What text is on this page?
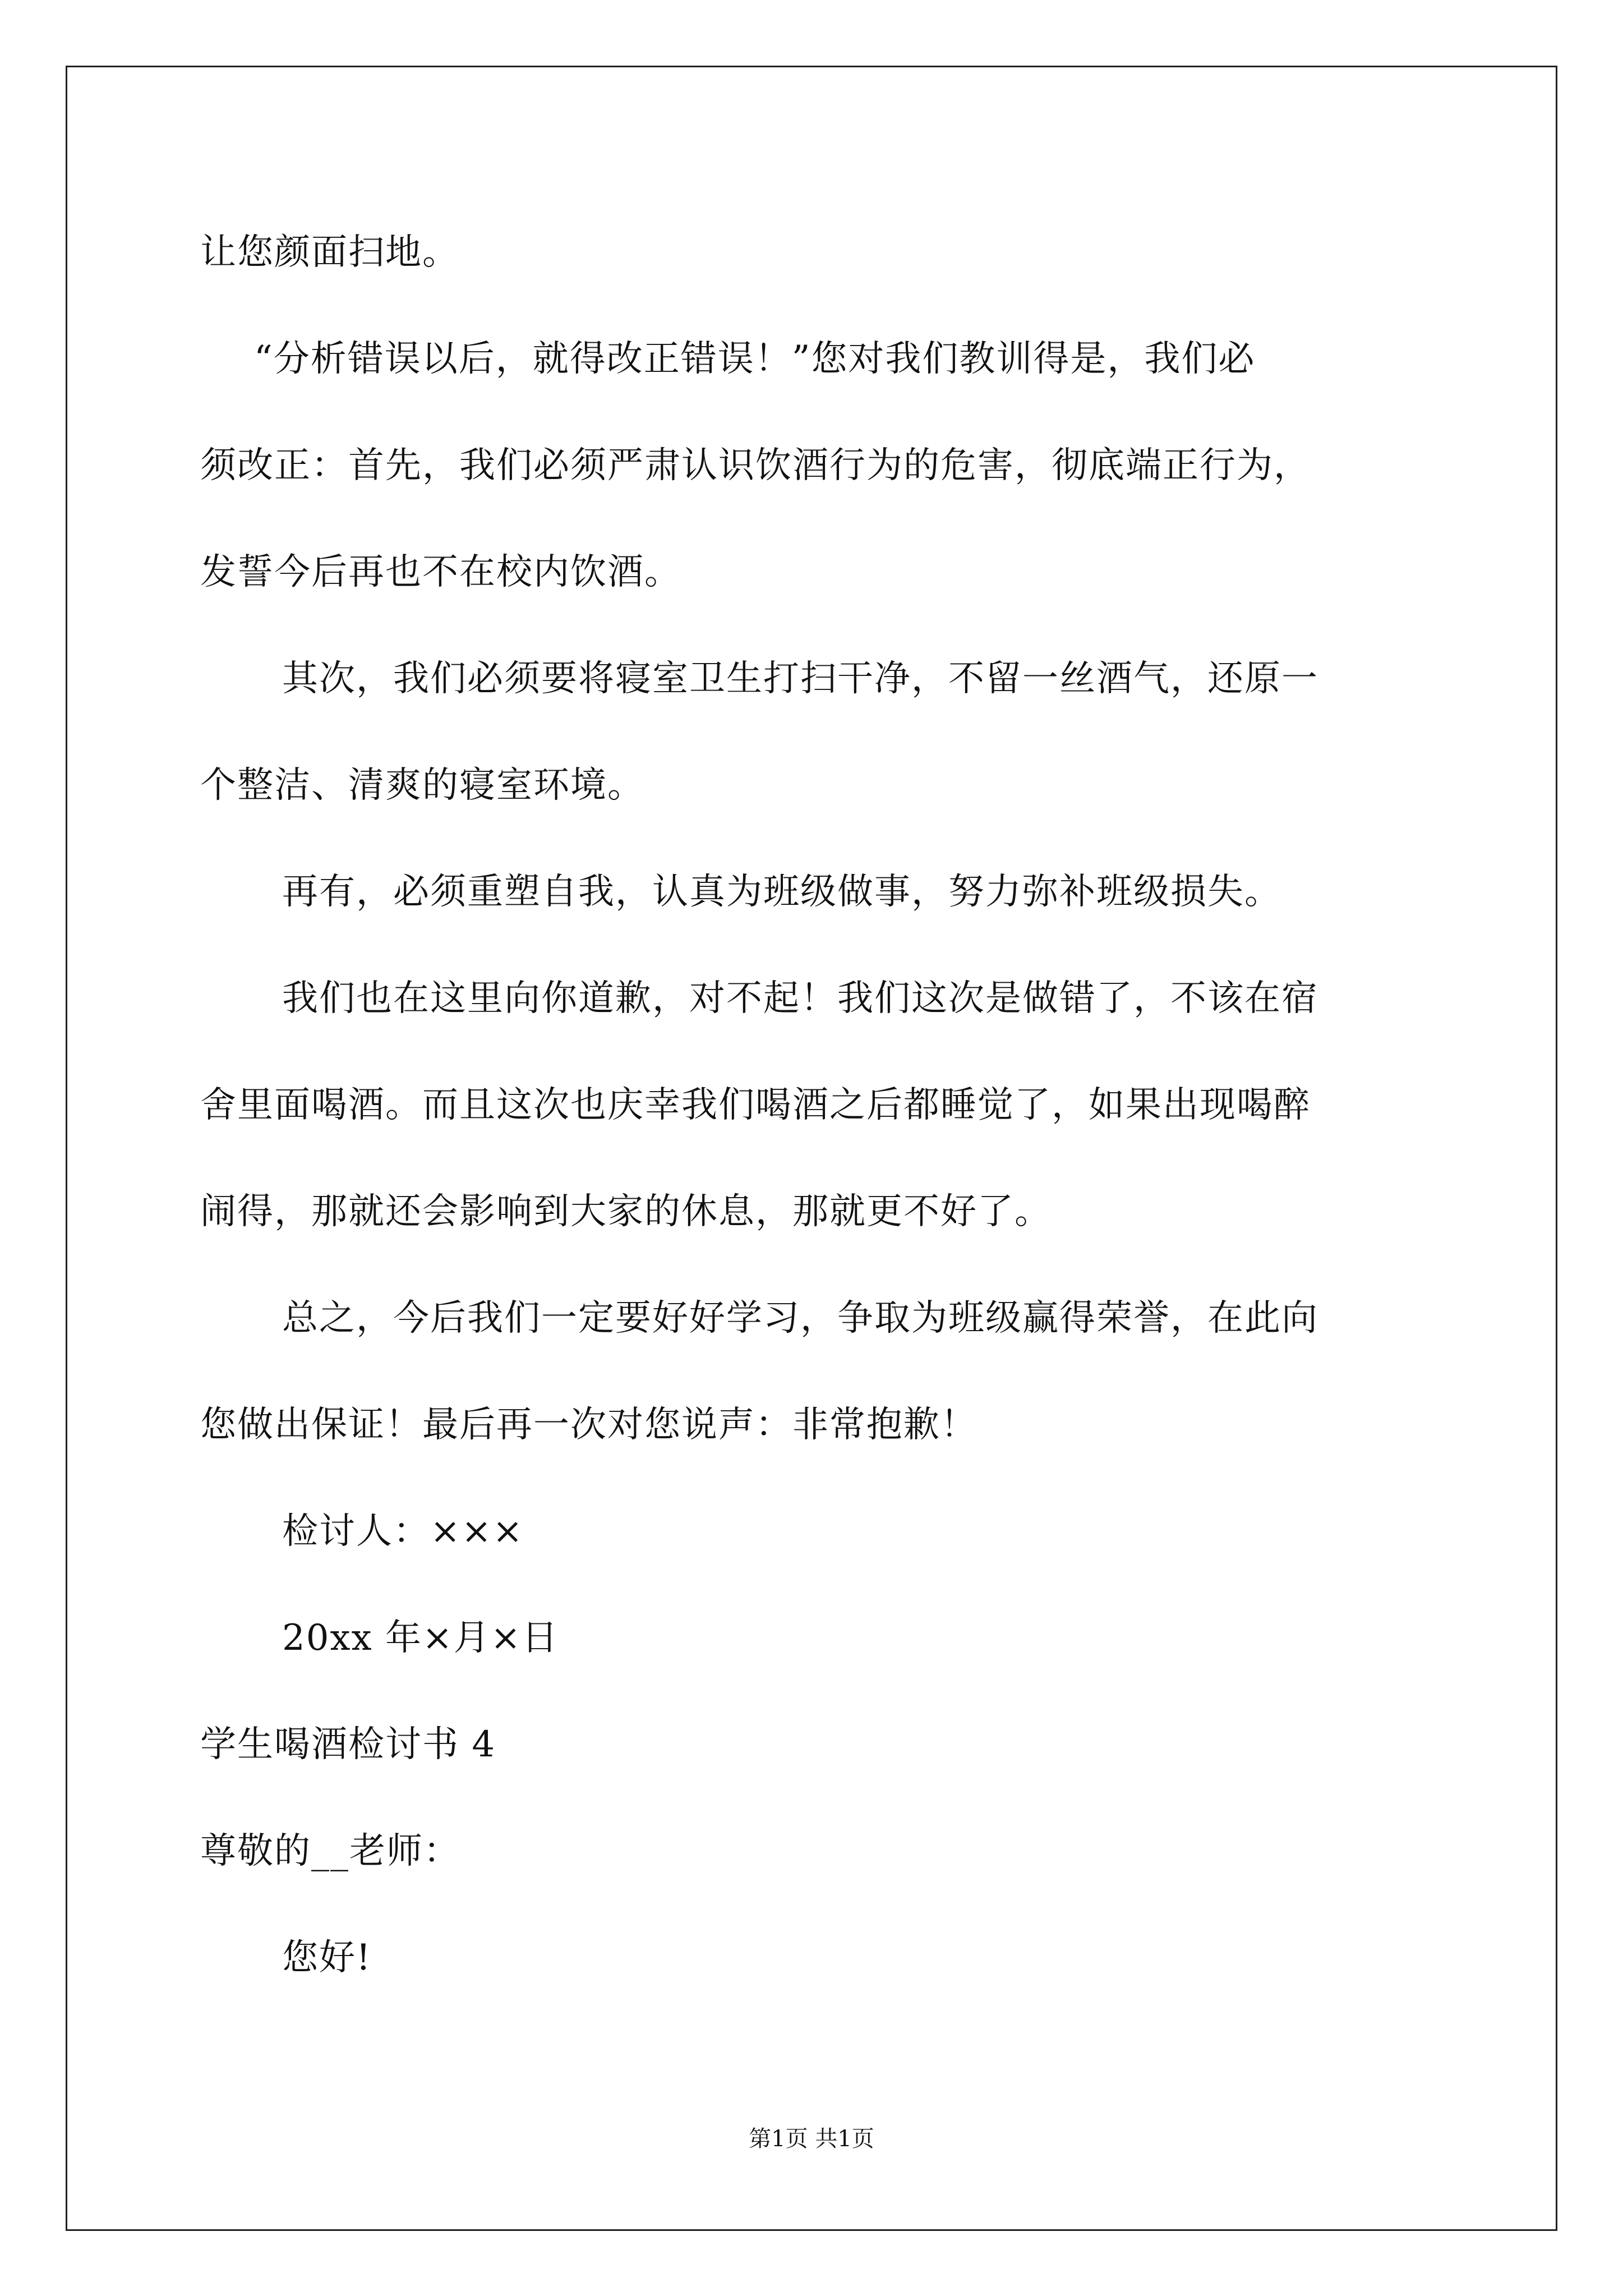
让您颜面扫地。
“分析错误以后，就得改正错误！”您对我们教训得是，我们必
须改正：首先，我们必须严肃认识饮酒行为的危害，彻底端正行为，
发誓今后再也不在校内饮酒。
其次，我们必须要将寝室卫生打扫干净，不留一丝酒气，还原一
个整洁、清爽的寝室环境。
再有，必须重塑自我，认真为班级做事，努力弥补班级损失。
我们也在这里向你道歉，对不起！我们这次是做错了，不该在宿
舍里面喝酒。而且这次也庆幸我们喝酒之后都睡觉了，如果出现喝醉
闹得，那就还会影响到大家的休息，那就更不好了。
总之，今后我们一定要好好学习，争取为班级赢得荣誉，在此向
您做出保证！最后再一次对您说声：非常抱歉！
检讨人：×××
20xx 年×月×日
学生喝酒检讨书 4
尊敬的__老师：
您好!
第1页 共1页
